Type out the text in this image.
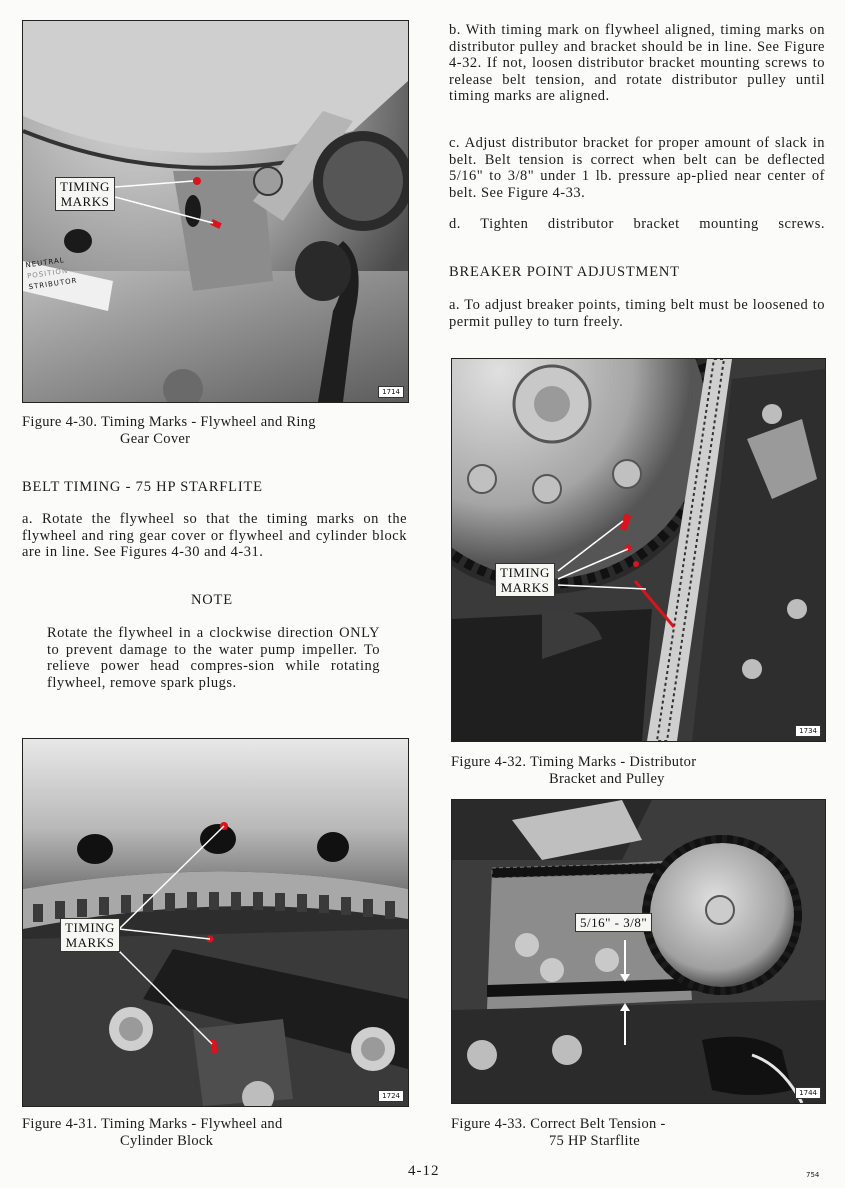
TIMING
MARKS
NEUTRAL
POSITION
STRIBUTOR
1714
Figure 4-30. Timing Marks - Flywheel and Ring
Gear Cover
BELT TIMING - 75 HP STARFLITE
a. Rotate the flywheel so that the timing marks on the flywheel and ring gear cover or flywheel and cylinder block are in line. See Figures 4-30 and 4-31.
NOTE
Rotate the flywheel in a clockwise direction ONLY to prevent damage to the water pump impeller. To relieve power head compres-sion while rotating flywheel, remove spark plugs.
TIMING
MARKS
1724
Figure 4-31. Timing Marks - Flywheel and
Cylinder Block
b. With timing mark on flywheel aligned, timing marks on distributor pulley and bracket should be in line. See Figure 4-32. If not, loosen distributor bracket mounting screws to release belt tension, and rotate distributor pulley until timing marks are aligned.
c. Adjust distributor bracket for proper amount of slack in belt. Belt tension is correct when belt can be deflected 5/16" to 3/8" under 1 lb. pressure ap-plied near center of belt. See Figure 4-33.
d. Tighten distributor bracket mounting screws.
BREAKER POINT ADJUSTMENT
a. To adjust breaker points, timing belt must be loosened to permit pulley to turn freely.
TIMING
MARKS
1734
Figure 4-32. Timing Marks - Distributor
Bracket and Pulley
5/16" - 3/8"
1744
Figure 4-33. Correct Belt Tension -
75 HP Starflite
4-12	754
